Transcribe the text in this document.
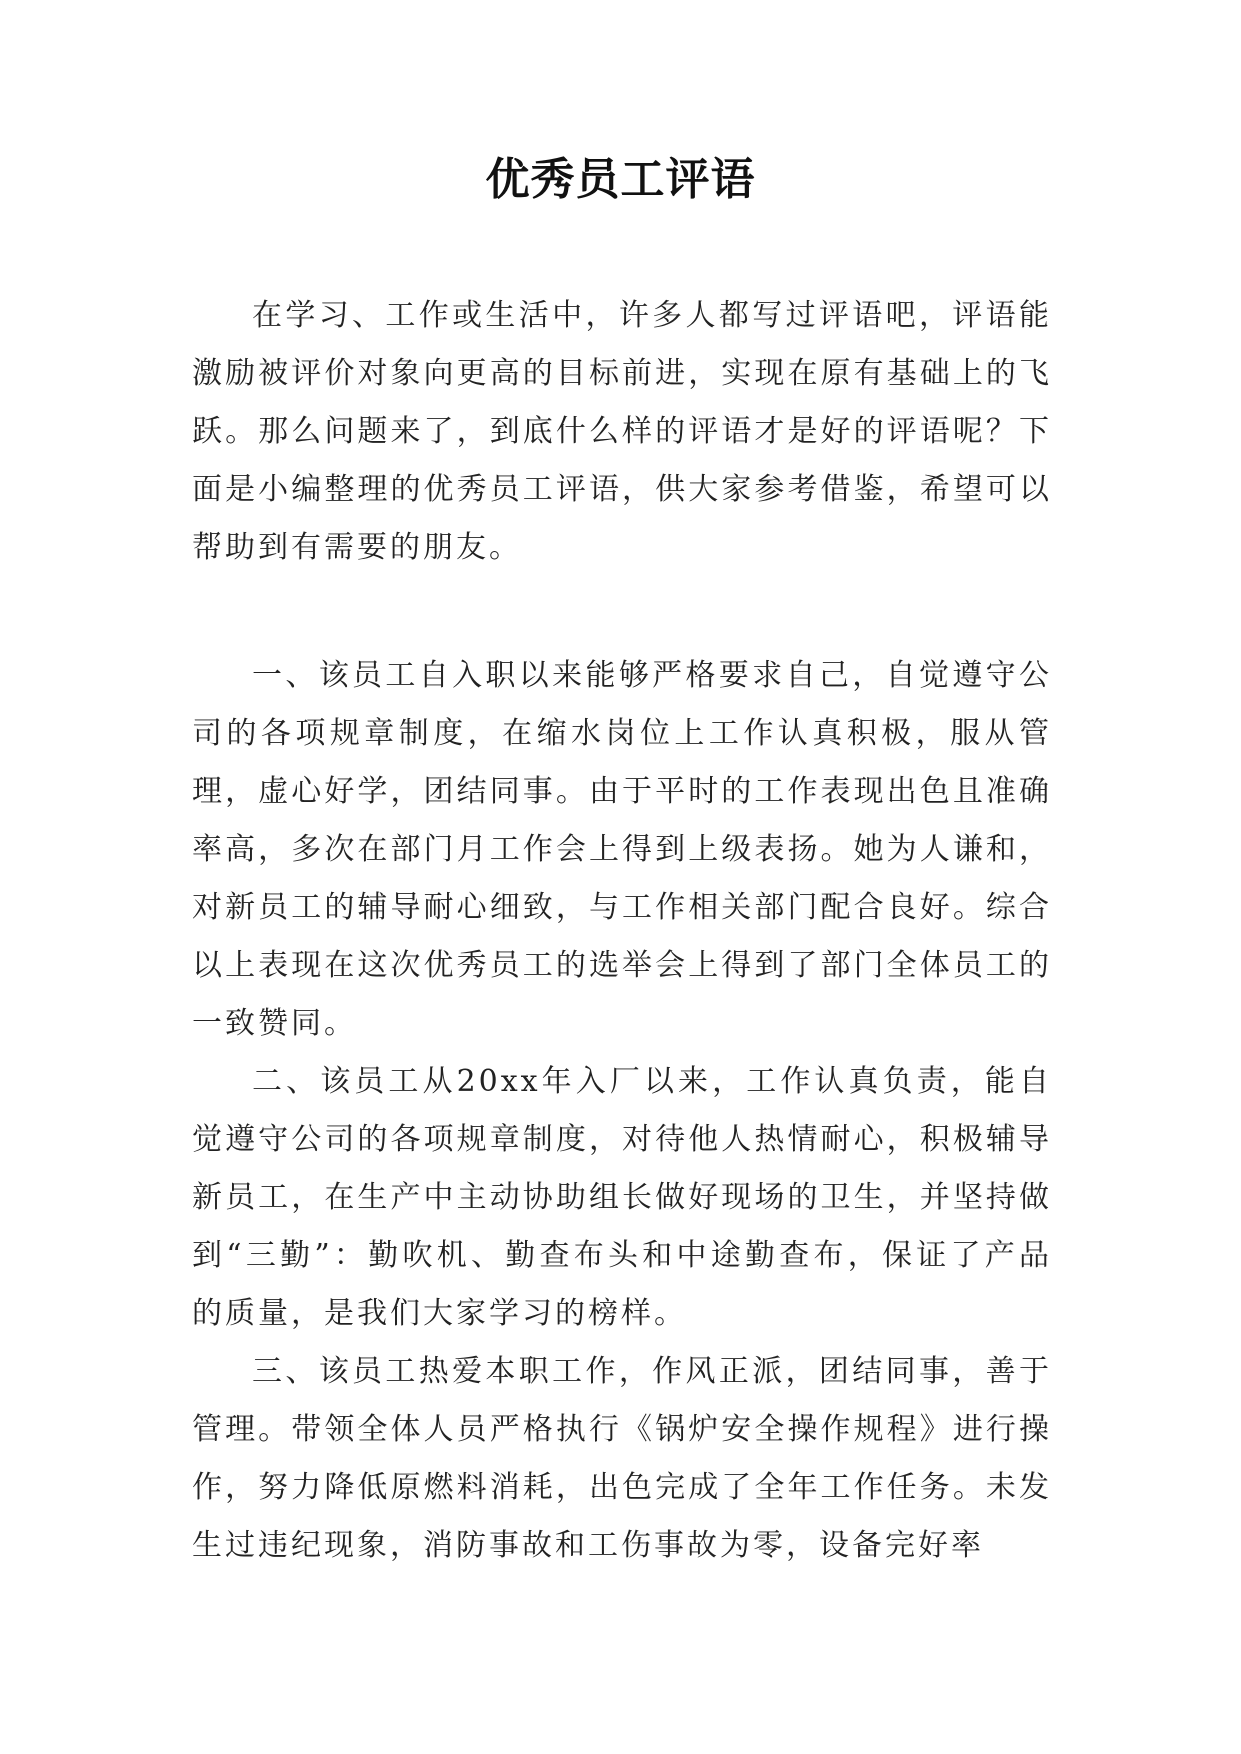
优秀员工评语

在学习、工作或生活中，许多人都写过评语吧，评语能激励被评价对象向更高的目标前进，实现在原有基础上的飞跃。那么问题来了，到底什么样的评语才是好的评语呢？下面是小编整理的优秀员工评语，供大家参考借鉴，希望可以帮助到有需要的朋友。

一、该员工自入职以来能够严格要求自己，自觉遵守公司的各项规章制度，在缩水岗位上工作认真积极，服从管理，虚心好学，团结同事。由于平时的工作表现出色且准确率高，多次在部门月工作会上得到上级表扬。她为人谦和，对新员工的辅导耐心细致，与工作相关部门配合良好。综合以上表现在这次优秀员工的选举会上得到了部门全体员工的一致赞同。

二、该员工从20xx年入厂以来，工作认真负责，能自觉遵守公司的各项规章制度，对待他人热情耐心，积极辅导新员工，在生产中主动协助组长做好现场的卫生，并坚持做到“三勤”：勤吹机、勤查布头和中途勤查布，保证了产品的质量，是我们大家学习的榜样。

三、该员工热爱本职工作，作风正派，团结同事，善于管理。带领全体人员严格执行《锅炉安全操作规程》进行操作，努力降低原燃料消耗，出色完成了全年工作任务。未发生过违纪现象，消防事故和工伤事故为零，设备完好率
